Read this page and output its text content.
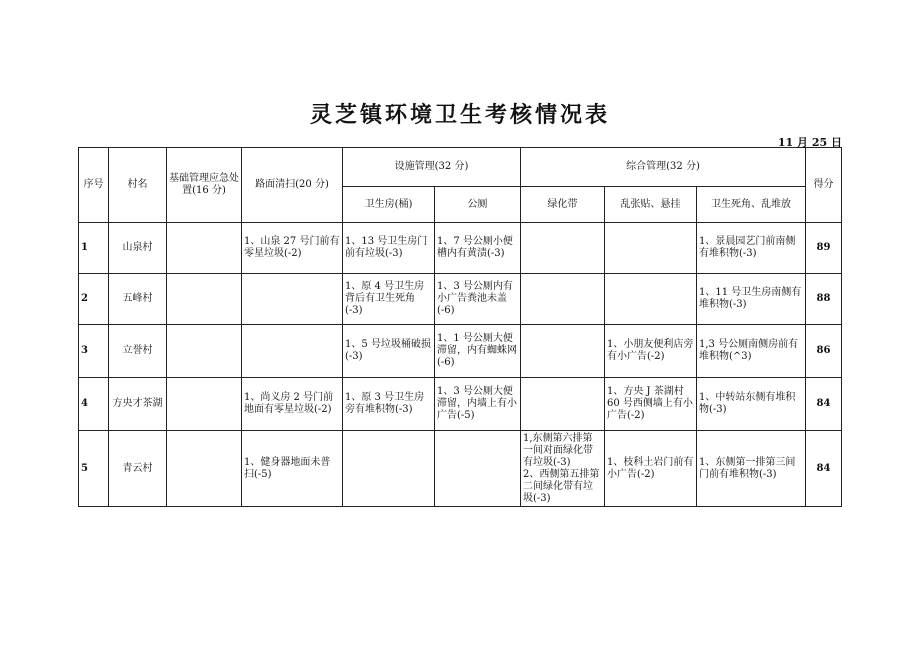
灵芝镇环境卫生考核情况表
11 月 25 日
序号	村名	基础管理应急处置(16 分)	路面清扫(20 分)	设施管理(32 分)		综合管理(32 分)			得分
				卫生房(桶)	公厕	绿化带	乱张贴、悬挂	卫生死角、乱堆放	
1	山泉村		1、山泉 27 号门前有零星垃圾(-2)	1、13 号卫生房门前有垃圾(-3)	1、7 号公厕小便槽内有黄渍(-3)			1、景晨园艺门前南侧有堆积物(-3)	89
2	五峰村			1、原 4 号卫生房背后有卫生死角(-3)	1、3 号公厕内有小广告粪池未盖(-6)			1、11 号卫生房南侧有堆积物(-3)	88
3	立誉村			1、5 号垃圾桶破损(-3)	1、1 号公厕大便滞留，内有蜘蛛网(-6)		1、小朋友便利店旁有小广告(-2)	1,3 号公厕南侧房前有堆积物(^3)	86
4	方央才茶湖		1、尚义房 2 号门前地面有零星垃圾(-2)	1、原 3 号卫生房旁有堆积物(-3)	1、3 号公厕大便滞留，内墙上有小广告(-5)		1、方央 J 茶湖村 60 号西侧墙上有小广告(-2)	1、中转站东侧有堆积物(-3)	84
5	青云村		1、健身器地面未普扫(-5)			1,东侧第六排第一间对面绿化带有垃圾(-3)
2、西侧第五排第二间绿化带有垃圾(-3)	1、枝科土岩门前有小广告(-2)	1、东侧第一排第三间门前有堆积物(-3)	84
